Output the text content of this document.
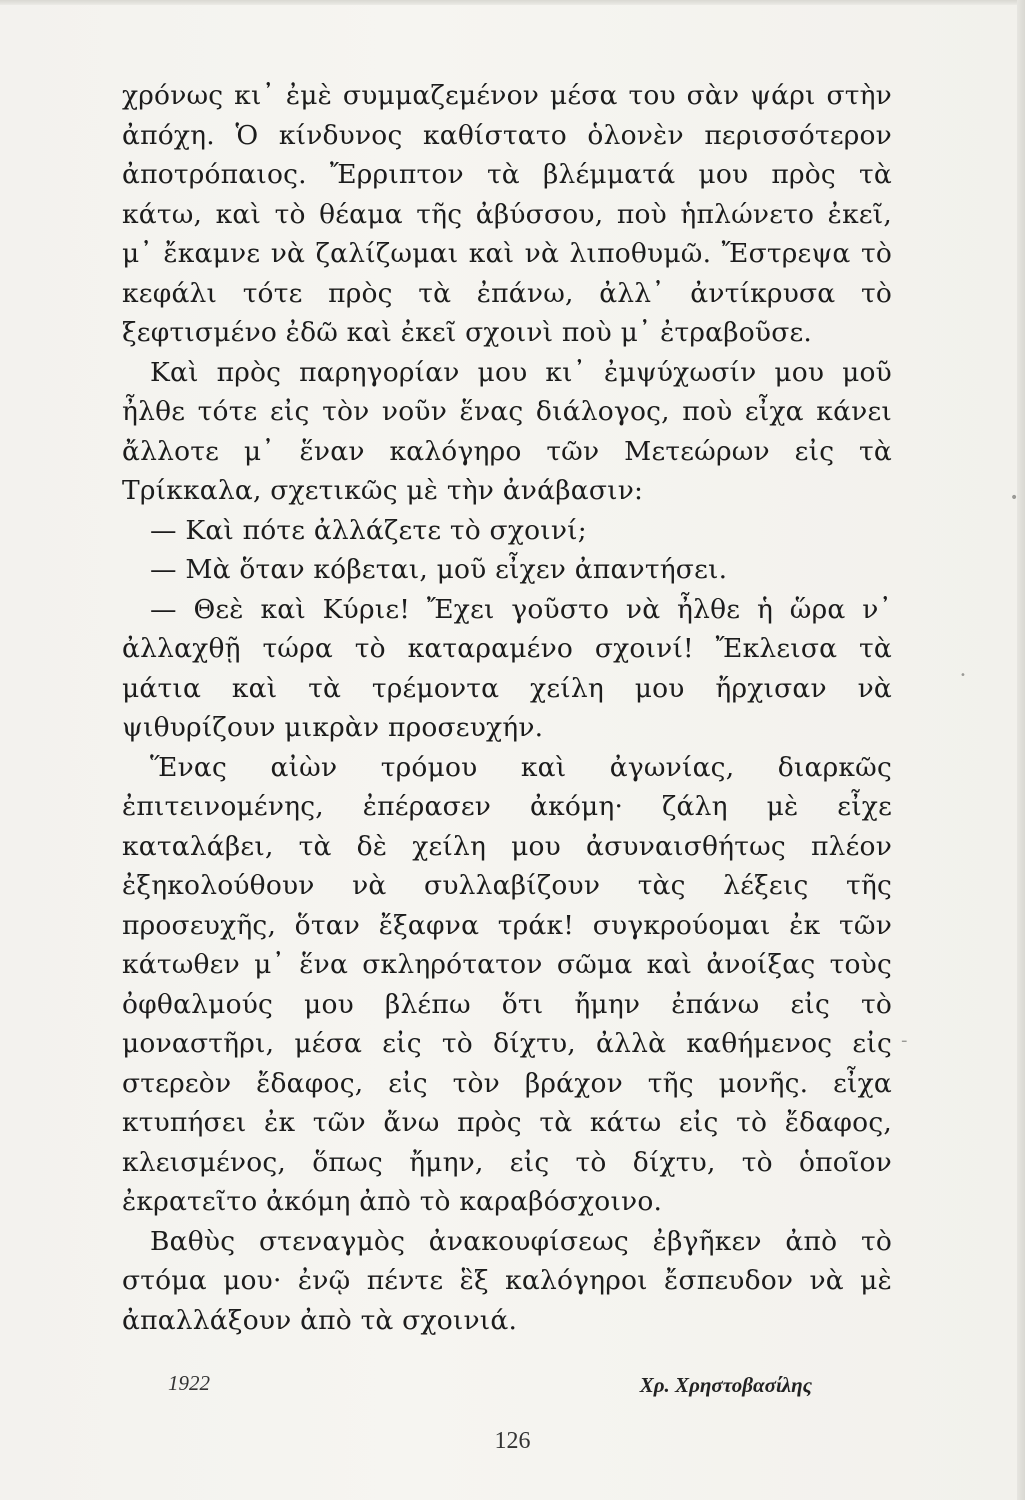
χρόνως κι᾽ ἐμὲ συμμαζεμένον μέσα του σὰν ψάρι στὴν ἀπόχη. Ὁ κίνδυνος καθίστατο ὁλονὲν περισσότερον ἀποτρόπαιος. Ἔρριπτον τὰ βλέμματά μου πρὸς τὰ κάτω, καὶ τὸ θέαμα τῆς ἀβύσσου, ποὺ ἡπλώνετο ἐκεῖ, μ᾽ ἔκαμνε νὰ ζαλίζωμαι καὶ νὰ λιποθυμῶ. Ἔστρεψα τὸ κεφάλι τότε πρὸς τὰ ἐπάνω, ἀλλ᾽ ἀντίκρυσα τὸ ξεφτισμένο ἐδῶ καὶ ἐκεῖ σχοινὶ ποὺ μ᾽ ἐτραβοῦσε.

Καὶ πρὸς παρηγορίαν μου κι᾽ ἐμψύχωσίν μου μοῦ ἦλθε τότε εἰς τὸν νοῦν ἕνας διάλογος, ποὺ εἶχα κάνει ἄλλοτε μ᾽ ἕναν καλόγηρο τῶν Μετεώρων εἰς τὰ Τρίκκαλα, σχετικῶς μὲ τὴν ἀνάβασιν:

— Καὶ πότε ἀλλάζετε τὸ σχοινί;

— Μὰ ὅταν κόβεται, μοῦ εἶχεν ἀπαντήσει.

— Θεὲ καὶ Κύριε! Ἔχει γοῦστο νὰ ἦλθε ἡ ὥρα ν᾽ ἀλλαχθῇ τώρα τὸ καταραμένο σχοινί! Ἔκλεισα τὰ μάτια καὶ τὰ τρέμοντα χείλη μου ἤρχισαν νὰ ψιθυρίζουν μικρὰν προσευχήν.

Ἕνας αἰὼν τρόμου καὶ ἀγωνίας, διαρκῶς ἐπιτεινομένης, ἐπέρασεν ἀκόμη· ζάλη μὲ εἶχε καταλάβει, τὰ δὲ χείλη μου ἀσυναισθήτως πλέον ἐξηκολούθουν νὰ συλλαβίζουν τὰς λέξεις τῆς προσευχῆς, ὅταν ἔξαφνα τράκ! συγκρούομαι ἐκ τῶν κάτωθεν μ᾽ ἕνα σκληρότατον σῶμα καὶ ἀνοίξας τοὺς ὀφθαλμούς μου βλέπω ὅτι ἤμην ἐπάνω εἰς τὸ μοναστῆρι, μέσα εἰς τὸ δίχτυ, ἀλλὰ καθήμενος εἰς στερεὸν ἔδαφος, εἰς τὸν βράχον τῆς μονῆς. εἶχα κτυπήσει ἐκ τῶν ἄνω πρὸς τὰ κάτω εἰς τὸ ἔδαφος, κλεισμένος, ὅπως ἤμην, εἰς τὸ δίχτυ, τὸ ὁποῖον ἐκρατεῖτο ἀκόμη ἀπὸ τὸ καραβόσχοινο.

Βαθὺς στεναγμὸς ἀνακουφίσεως ἐβγῆκεν ἀπὸ τὸ στόμα μου· ἐνῷ πέντε ἓξ καλόγηροι ἔσπευδον νὰ μὲ ἀπαλλάξουν ἀπὸ τὰ σχοινιά.

1922	Χρ. Χρηστοβασίλης
126
•
•
-
